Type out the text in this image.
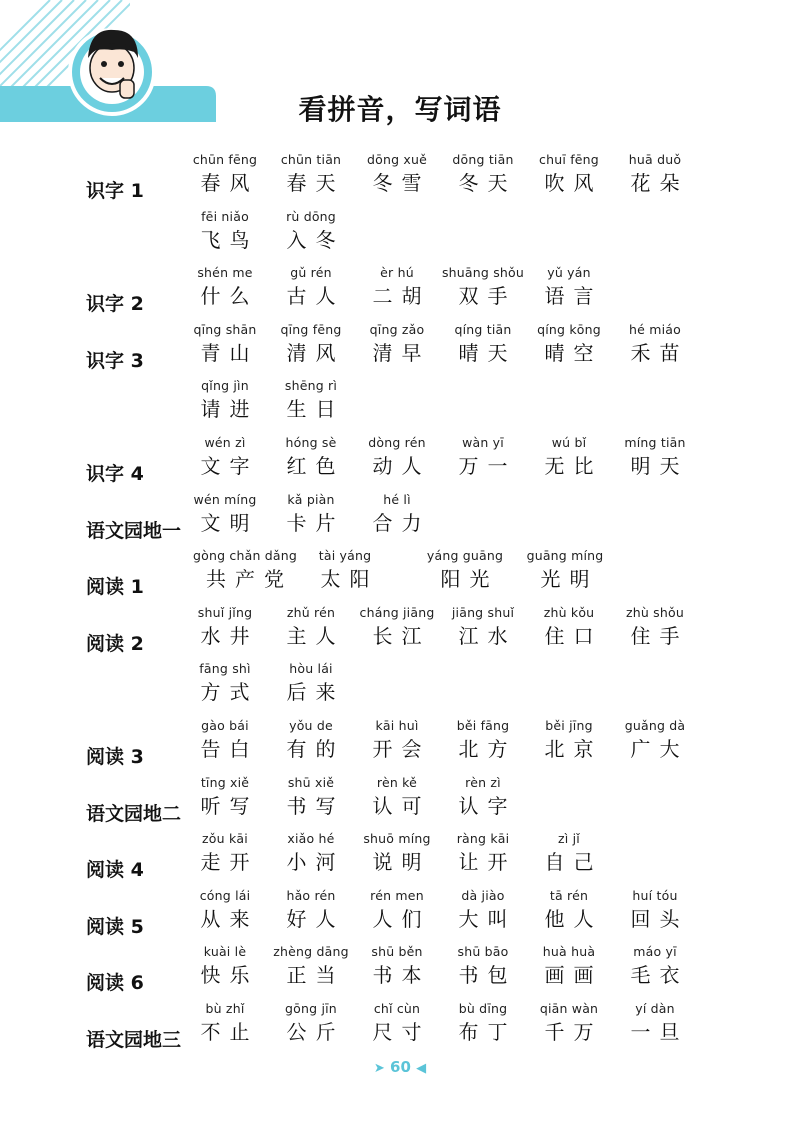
看拼音，写词语
识字 1
chūn fēng
春风
chūn tiān
春天
dōng xuě
冬雪
dōng tiān
冬天
chuī fēng
吹风
huā duǒ
花朵
fēi niǎo
飞鸟
rù dōng
入冬
识字 2
shén me
什么
gǔ rén
古人
èr hú
二胡
shuāng shǒu
双手
yǔ yán
语言
识字 3
qīng shān
青山
qīng fēng
清风
qīng zǎo
清早
qíng tiān
晴天
qíng kōng
晴空
hé miáo
禾苗
qǐng jìn
请进
shēng rì
生日
识字 4
wén zì
文字
hóng sè
红色
dòng rén
动人
wàn yī
万一
wú bǐ
无比
míng tiān
明天
语文园地一
wén míng
文明
kǎ piàn
卡片
hé lì
合力
阅读 1
gòng chǎn dǎng
共产党
tài yáng
太阳
yáng guāng
阳光
guāng míng
光明
阅读 2
shuǐ jǐng
水井
zhǔ rén
主人
cháng jiāng
长江
jiāng shuǐ
江水
zhù kǒu
住口
zhù shǒu
住手
fāng shì
方式
hòu lái
后来
阅读 3
gào bái
告白
yǒu de
有的
kāi huì
开会
běi fāng
北方
běi jīng
北京
guǎng dà
广大
语文园地二
tīng xiě
听写
shū xiě
书写
rèn kě
认可
rèn zì
认字
阅读 4
zǒu kāi
走开
xiǎo hé
小河
shuō míng
说明
ràng kāi
让开
zì jǐ
自己
阅读 5
cóng lái
从来
hǎo rén
好人
rén men
人们
dà jiào
大叫
tā rén
他人
huí tóu
回头
阅读 6
kuài lè
快乐
zhèng dāng
正当
shū běn
书本
shū bāo
书包
huà huà
画画
máo yī
毛衣
语文园地三
bù zhǐ
不止
gōng jīn
公斤
chǐ cùn
尺寸
bù dīng
布丁
qiān wàn
千万
yí dàn
一旦
➤ 60 ◀
